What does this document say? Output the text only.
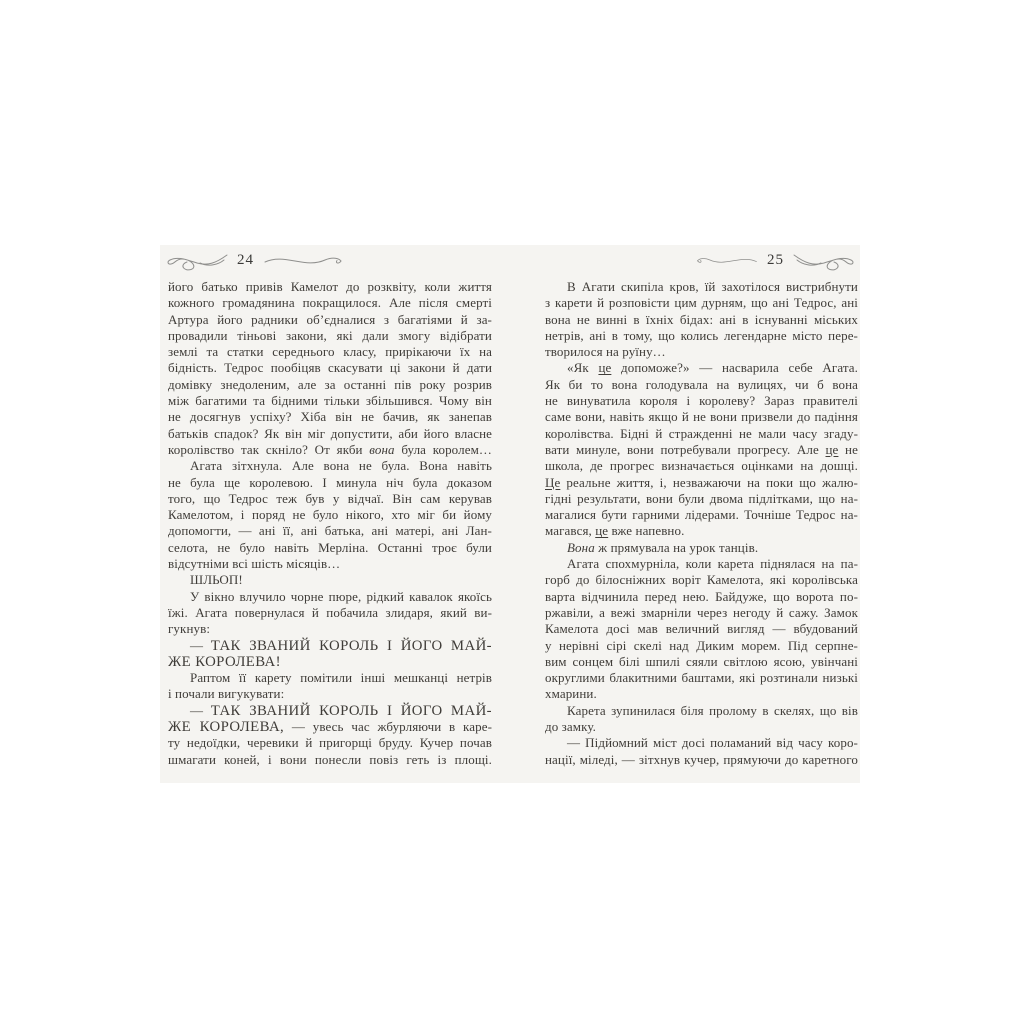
24	25
його батько привів Камелот до розквіту, коли життя
кожного громадянина покращилося. Але після смерті
Артура його радники об’єдналися з багатіями й за-
провадили тіньові закони, які дали змогу відібрати
землі та статки середнього класу, прирікаючи їх на
бідність. Тедрос пообіцяв скасувати ці закони й дати
домівку знедоленим, але за останні пів року розрив
між багатими та бідними тільки збільшився. Чому він
не досягнув успіху? Хіба він не бачив, як занепав
батьків спадок? Як він міг допустити, аби його власне
королівство так скніло? От якби вона була королем…
Агата зітхнула. Але вона не була. Вона навіть
не була ще королевою. І минула ніч була доказом
того, що Тедрос теж був у відчаї. Він сам керував
Камелотом, і поряд не було нікого, хто міг би йому
допомогти, — ані її, ані батька, ані матері, ані Лан-
селота, не було навіть Мерліна. Останні троє були
відсутніми всі шість місяців…
ШЛЬОП!
У вікно влучило чорне пюре, рідкий кавалок якоїсь
їжі. Агата повернулася й побачила злидаря, який ви-
гукнув:
— ТАК ЗВАНИЙ КОРОЛЬ І ЙОГО МАЙ-
ЖЕ КОРОЛЕВА!
Раптом її карету помітили інші мешканці нетрів
і почали вигукувати:
— ТАК ЗВАНИЙ КОРОЛЬ І ЙОГО МАЙ-
ЖЕ КОРОЛЕВА, — увесь час жбурляючи в каре-
ту недоїдки, черевики й пригорщі бруду. Кучер почав
шмагати коней, і вони понесли повіз геть із площі.
В Агати скипіла кров, їй захотілося вистрибнути
з карети й розповісти цим дурням, що ані Тедрос, ані
вона не винні в їхніх бідах: ані в існуванні міських
нетрів, ані в тому, що колись легендарне місто пере-
творилося на руїну…
«Як це допоможе?» — насварила себе Агата.
Як би то вона голодувала на вулицях, чи б вона
не винуватила короля і королеву? Зараз правителі
саме вони, навіть якщо й не вони призвели до падіння
королівства. Бідні й стражденні не мали часу згаду-
вати минуле, вони потребували прогресу. Але це не
школа, де прогрес визначається оцінками на дошці.
Це реальне життя, і, незважаючи на поки що жалю-
гідні результати, вони були двома підлітками, що на-
магалися бути гарними лідерами. Точніше Тедрос на-
магався, це вже напевно.
Вона ж прямувала на урок танців.
Агата спохмурніла, коли карета піднялася на па-
горб до білосніжних воріт Камелота, які королівська
варта відчинила перед нею. Байдуже, що ворота по-
ржавіли, а вежі змарніли через негоду й сажу. Замок
Камелота досі мав величний вигляд — вбудований
у нерівні сірі скелі над Диким морем. Під серпне-
вим сонцем білі шпилі сяяли світлою ясою, увінчані
округлими блакитними баштами, які розтинали низькі
хмарини.
Карета зупинилася біля пролому в скелях, що вів
до замку.
— Підйомний міст досі поламаний від часу коро-
нації, міледі, — зітхнув кучер, прямуючи до каретного
